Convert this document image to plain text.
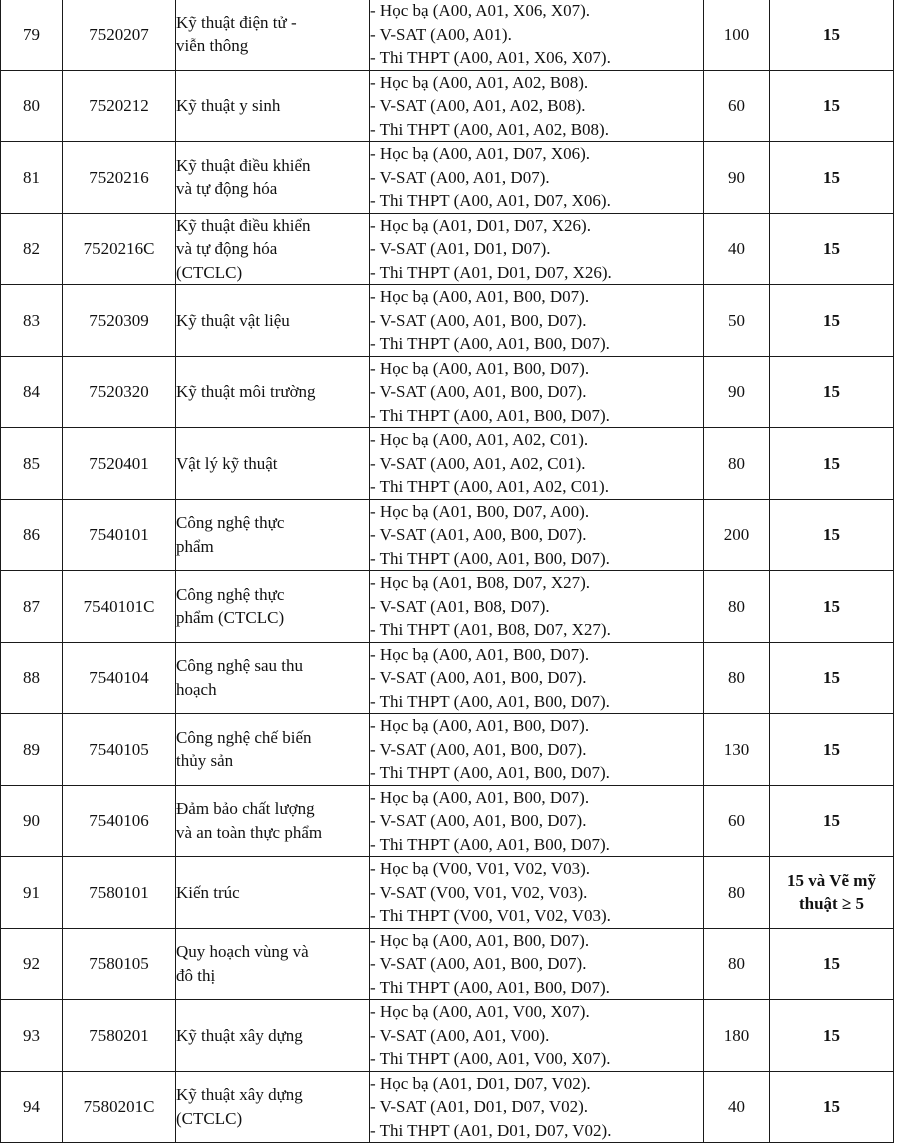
79	7520207	Kỹ thuật điện tử -
viễn thông	- Học bạ (A00, A01, X06, X07).
- V-SAT (A00, A01).
- Thi THPT (A00, A01, X06, X07).	100	15
80	7520212	Kỹ thuật y sinh	- Học bạ (A00, A01, A02, B08).
- V-SAT (A00, A01, A02, B08).
- Thi THPT (A00, A01, A02, B08).	60	15
81	7520216	Kỹ thuật điều khiển
và tự động hóa	- Học bạ (A00, A01, D07, X06).
- V-SAT (A00, A01, D07).
- Thi THPT (A00, A01, D07, X06).	90	15
82	7520216C	Kỹ thuật điều khiển
và tự động hóa
(CTCLC)	- Học bạ (A01, D01, D07, X26).
- V-SAT (A01, D01, D07).
- Thi THPT (A01, D01, D07, X26).	40	15
83	7520309	Kỹ thuật vật liệu	- Học bạ (A00, A01, B00, D07).
- V-SAT (A00, A01, B00, D07).
- Thi THPT (A00, A01, B00, D07).	50	15
84	7520320	Kỹ thuật môi trường	- Học bạ (A00, A01, B00, D07).
- V-SAT (A00, A01, B00, D07).
- Thi THPT (A00, A01, B00, D07).	90	15
85	7520401	Vật lý kỹ thuật	- Học bạ (A00, A01, A02, C01).
- V-SAT (A00, A01, A02, C01).
- Thi THPT (A00, A01, A02, C01).	80	15
86	7540101	Công nghệ thực
phẩm	- Học bạ (A01, B00, D07, A00).
- V-SAT (A01, A00, B00, D07).
- Thi THPT (A00, A01, B00, D07).	200	15
87	7540101C	Công nghệ thực
phẩm (CTCLC)	- Học bạ (A01, B08, D07, X27).
- V-SAT (A01, B08, D07).
- Thi THPT (A01, B08, D07, X27).	80	15
88	7540104	Công nghệ sau thu
hoạch	- Học bạ (A00, A01, B00, D07).
- V-SAT (A00, A01, B00, D07).
- Thi THPT (A00, A01, B00, D07).	80	15
89	7540105	Công nghệ chế biến
thủy sản	- Học bạ (A00, A01, B00, D07).
- V-SAT (A00, A01, B00, D07).
- Thi THPT (A00, A01, B00, D07).	130	15
90	7540106	Đảm bảo chất lượng
và an toàn thực phẩm	- Học bạ (A00, A01, B00, D07).
- V-SAT (A00, A01, B00, D07).
- Thi THPT (A00, A01, B00, D07).	60	15
91	7580101	Kiến trúc	- Học bạ (V00, V01, V02, V03).
- V-SAT (V00, V01, V02, V03).
- Thi THPT (V00, V01, V02, V03).	80	15 và Vẽ mỹ
thuật ≥ 5

92	7580105	Quy hoạch vùng và
đô thị	- Học bạ (A00, A01, B00, D07).
- V-SAT (A00, A01, B00, D07).
- Thi THPT (A00, A01, B00, D07).	80	15
93	7580201	Kỹ thuật xây dựng	- Học bạ (A00, A01, V00, X07).
- V-SAT (A00, A01, V00).
- Thi THPT (A00, A01, V00, X07).	180	15
94	7580201C	Kỹ thuật xây dựng
(CTCLC)	- Học bạ (A01, D01, D07, V02).
- V-SAT (A01, D01, D07, V02).
- Thi THPT (A01, D01, D07, V02).	40	15
